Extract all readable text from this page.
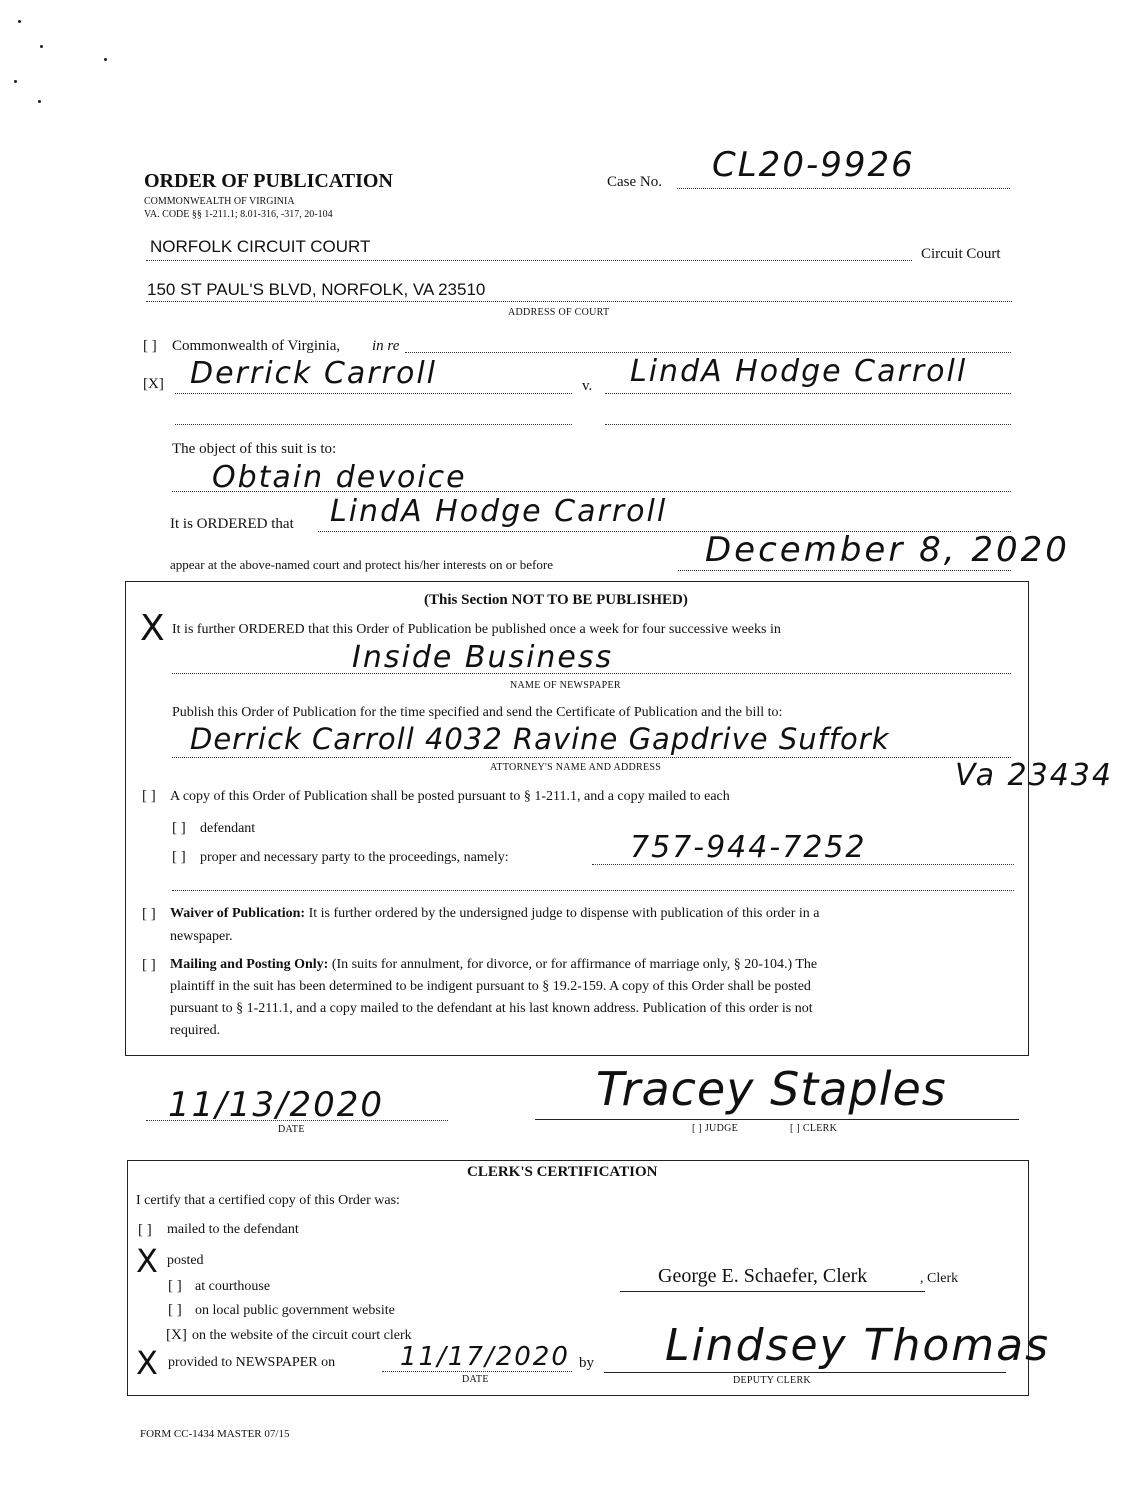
ORDER OF PUBLICATION
COMMONWEALTH OF VIRGINIA
VA. CODE §§ 1-211.1; 8.01-316, -317, 20-104
Case No. CL20-9926
NORFOLK CIRCUIT COURT	Circuit Court
150 ST PAUL'S BLVD, NORFOLK, VA 23510
ADDRESS OF COURT
[ ] Commonwealth of Virginia, in re
[X] Derrick Carroll	v. LindA Hodge Carroll
The object of this suit is to:
Obtain devoice
It is ORDERED that LindA Hodge Carroll
appear at the above-named court and protect his/her interests on or before	December 8, 2020
(This Section NOT TO BE PUBLISHED)
X It is further ORDERED that this Order of Publication be published once a week for four successive weeks in
Inside Business
NAME OF NEWSPAPER
Publish this Order of Publication for the time specified and send the Certificate of Publication and the bill to:
Derrick Carroll 4032 Ravine Gapdrive Suffork
Va 23434
ATTORNEY'S NAME AND ADDRESS
[ ] A copy of this Order of Publication shall be posted pursuant to § 1-211.1, and a copy mailed to each
[ ] defendant
[ ] proper and necessary party to the proceedings, namely:	757-944-7252
[ ] Waiver of Publication: It is further ordered by the undersigned judge to dispense with publication of this order in a
newspaper.
[ ] Mailing and Posting Only: (In suits for annulment, for divorce, or for affirmance of marriage only, § 20-104.) The
plaintiff in the suit has been determined to be indigent pursuant to § 19.2-159. A copy of this Order shall be posted
pursuant to § 1-211.1, and a copy mailed to the defendant at his last known address. Publication of this order is not
required.
11/13/2020
DATE
Tracey Staples
[ ] JUDGE	[ ] CLERK
CLERK'S CERTIFICATION
I certify that a certified copy of this Order was:
[ ] mailed to the defendant
X posted
[ ] at courthouse
[ ] on local public government website
[X] on the website of the circuit court clerk
X provided to NEWSPAPER on 11/17/2020
DATE
by Lindsey Thomas
DEPUTY CLERK
George E. Schaefer, Clerk	, Clerk
FORM CC-1434 MASTER 07/15
